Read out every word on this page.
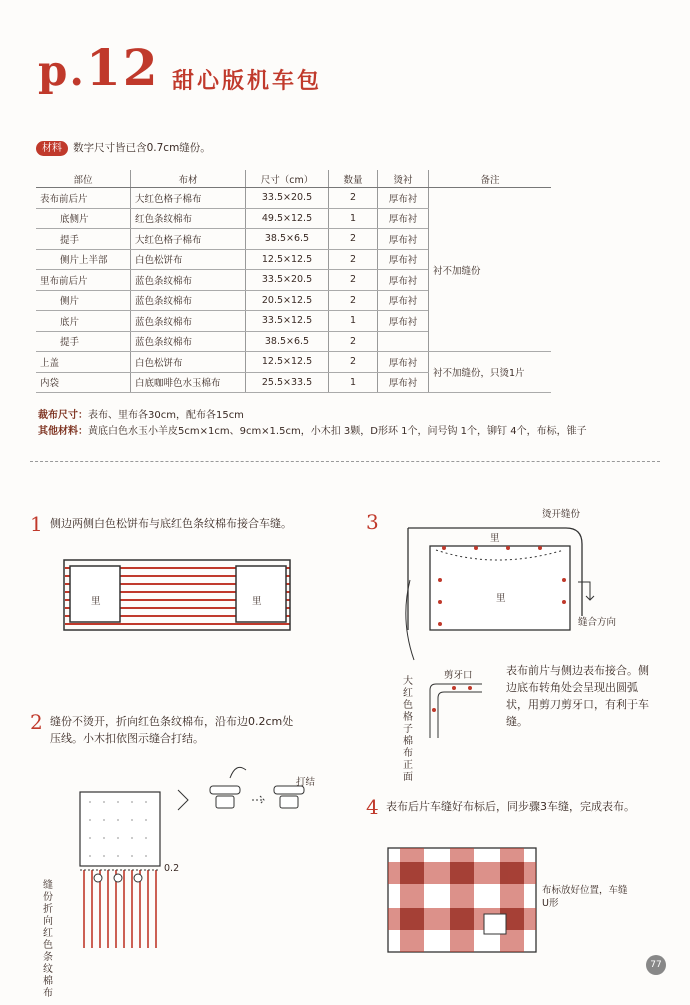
p.12 甜心版机车包
材料 数字尺寸皆已含0.7cm缝份。
部位	布材	尺寸（cm）	数量	烫衬	备注
表布前后片	大红色格子棉布	33.5×20.5	2	厚布衬	衬不加缝份
底侧片	红色条纹棉布	49.5×12.5	1	厚布衬	
提手	大红色格子棉布	38.5×6.5	2	厚布衬	
侧片上半部	白色松饼布	12.5×12.5	2	厚布衬	
里布前后片	蓝色条纹棉布	33.5×20.5	2	厚布衬	
侧片	蓝色条纹棉布	20.5×12.5	2	厚布衬	
底片	蓝色条纹棉布	33.5×12.5	1	厚布衬	
提手	蓝色条纹棉布	38.5×6.5	2		
上盖	白色松饼布	12.5×12.5	2	厚布衬	衬不加缝份，只烫1片
内袋	白底咖啡色水玉棉布	25.5×33.5	1	厚布衬	
裁布尺寸：表布、里布各30cm，配布各15cm
其他材料：黄底白色水玉小羊皮5cm×1cm、9cm×1.5cm，小木扣 3颗，D形环 1个，问号钩 1个，铆钉 4个，布标，锥子
1 侧边两侧白色松饼布与底红色条纹棉布接合车缝。
里	里
2 缝份不烫开，折向红色条纹棉布，沿布边0.2cm处压线。小木扣依图示缝合打结。
0.2
缝份折向红色条纹棉布
打结
3	烫开缝份
里
里
缝合方向
剪牙口
大红色格子棉布正面
表布前片与侧边表布接合。侧边底布转角处会呈现出圆弧状，用剪刀剪牙口，有利于车缝。
4 表布后片车缝好布标后，同步骤3车缝，完成表布。
布标放好位置，车缝U形
77
